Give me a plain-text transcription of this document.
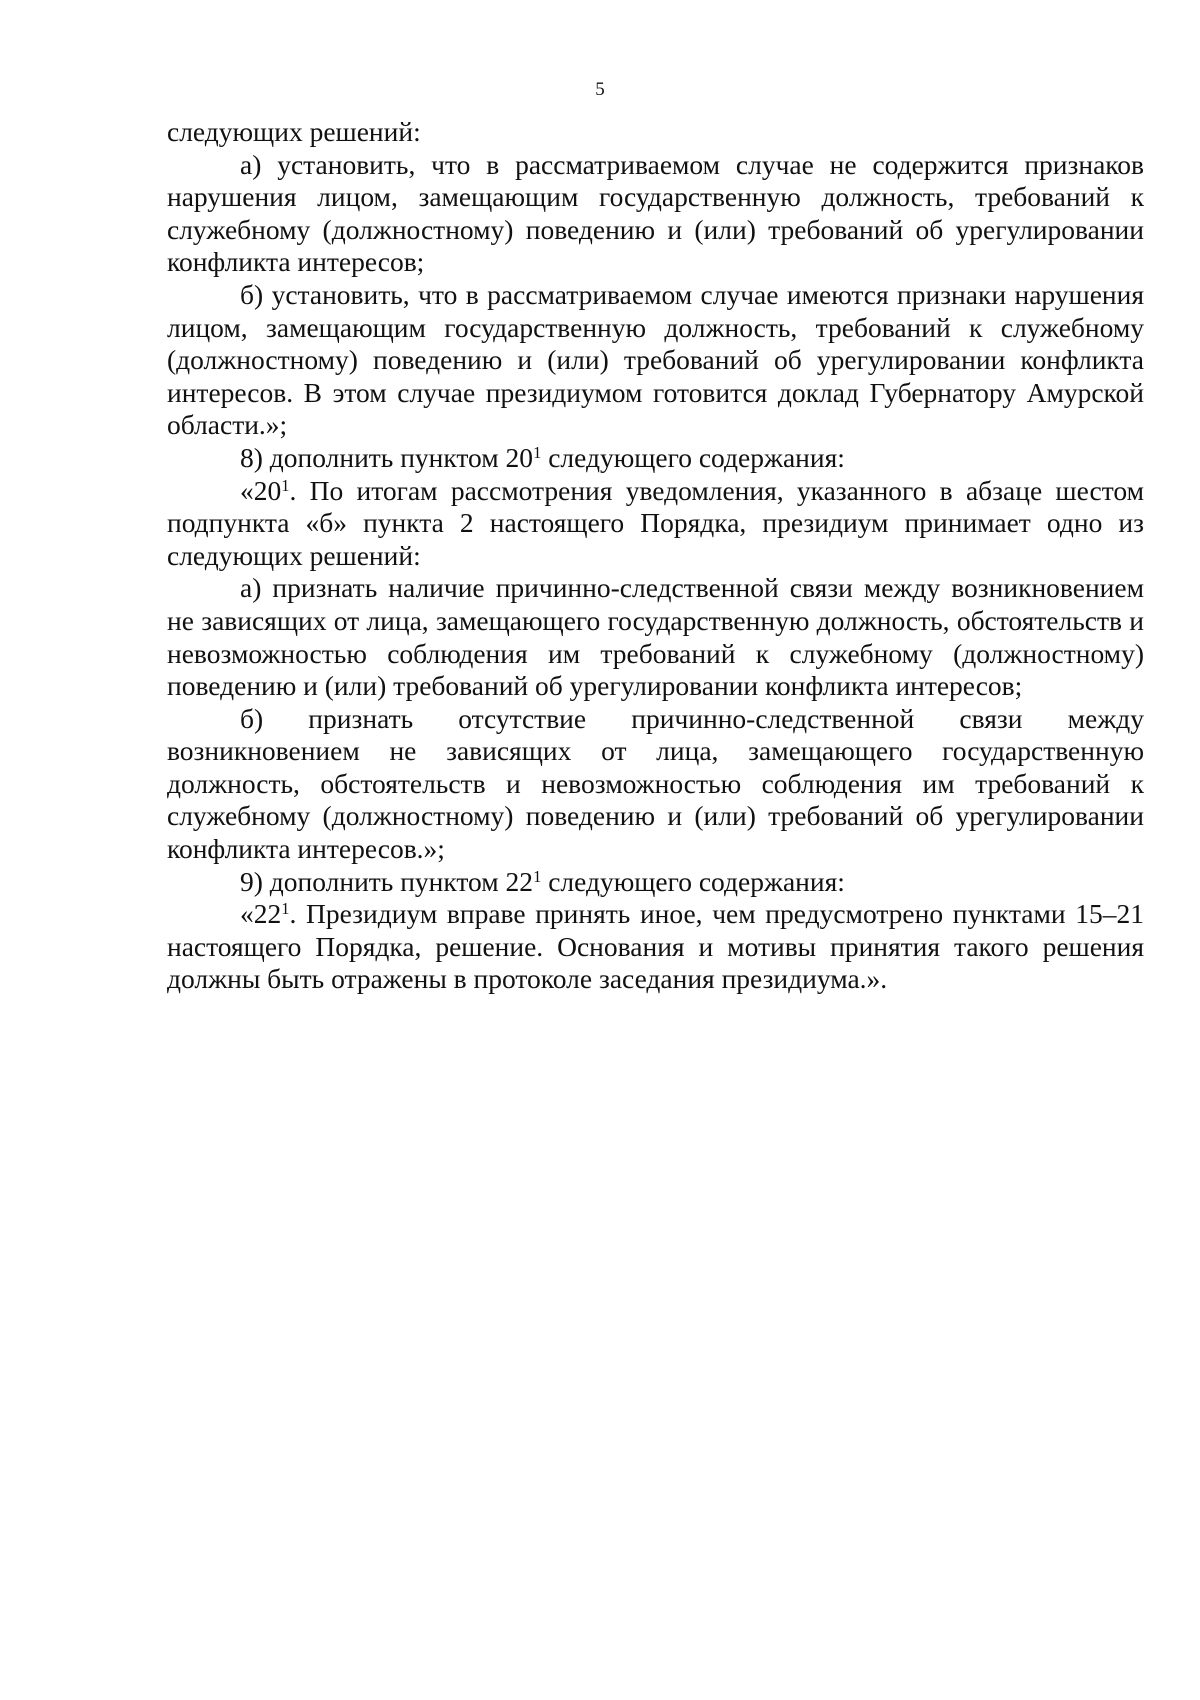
5

следующих решений:

а) установить, что в рассматриваемом случае не содержится признаков нарушения лицом, замещающим государственную должность, требований к служебному (должностному) поведению и (или) требований об урегулировании конфликта интересов;

б) установить, что в рассматриваемом случае имеются признаки нарушения лицом, замещающим государственную должность, требований к служебному (должностному) поведению и (или) требований об урегулировании конфликта интересов. В этом случае президиумом готовится доклад Губернатору Амурской области.»;

8) дополнить пунктом $20^1$ следующего содержания:

«$20^1$. По итогам рассмотрения уведомления, указанного в абзаце шестом подпункта «б» пункта 2 настоящего Порядка, президиум принимает одно из следующих решений:

а) признать наличие причинно-следственной связи между возникновением не зависящих от лица, замещающего государственную должность, обстоятельств и невозможностью соблюдения им требований к служебному (должностному) поведению и (или) требований об урегулировании конфликта интересов;

б) признать отсутствие причинно-следственной связи между возникновением не зависящих от лица, замещающего государственную должность, обстоятельств и невозможностью соблюдения им требований к служебному (должностному) поведению и (или) требований об урегулировании конфликта интересов.»;

9) дополнить пунктом $22^1$ следующего содержания:

«$22^1$. Президиум вправе принять иное, чем предусмотрено пунктами 15–21 настоящего Порядка, решение. Основания и мотивы принятия такого решения должны быть отражены в протоколе заседания президиума.».
